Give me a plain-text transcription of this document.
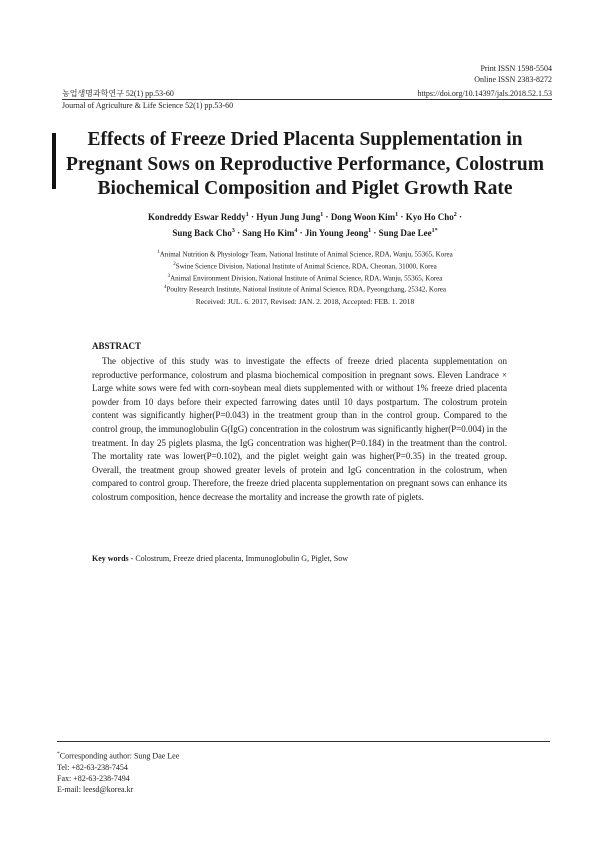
Print ISSN 1598-5504
Online ISSN 2383-8272
농업생명과학연구 52(1) pp.53-60	https://doi.org/10.14397/jals.2018.52.1.53
Journal of Agriculture & Life Science 52(1) pp.53-60
Effects of Freeze Dried Placenta Supplementation in
Pregnant Sows on Reproductive Performance, Colostrum
Biochemical Composition and Piglet Growth Rate
Kondreddy Eswar Reddy$^1$ · Hyun Jung Jung$^1$ · Dong Woon Kim$^1$ · Kyo Ho Cho$^2$ ·
Sung Back Cho$^3$ · Sang Ho Kim$^4$ · Jin Young Jeong$^1$ · Sung Dae Lee$^{1*}$
$^1$Animal Nutrition & Physiology Team, National Institute of Animal Science, RDA, Wanju, 55365, Korea
$^2$Swine Science Division, National Institute of Animal Science, RDA, Cheonan, 31000, Korea
$^3$Animal Environment Division, National Institute of Animal Science, RDA, Wanju, 55365, Korea
$^4$Poultry Research Institute, National Institute of Animal Science, RDA, Pyeongchang, 25342, Korea
Received: JUL. 6. 2017, Revised: JAN. 2. 2018, Accepted: FEB. 1. 2018
ABSTRACT

The objective of this study was to investigate the effects of freeze dried placenta supplementation on reproductive performance, colostrum and plasma biochemical composition in pregnant sows. Eleven Landrace × Large white sows were fed with corn-soybean meal diets supplemented with or without 1% freeze dried placenta powder from 10 days before their expected farrowing dates until 10 days postpartum. The colostrum protein content was significantly higher(P=0.043) in the treatment group than in the control group. Compared to the control group, the immunoglobulin G(IgG) concentration in the colostrum was significantly higher(P=0.004) in the treatment. In day 25 piglets plasma, the IgG concentration was higher(P=0.184) in the treatment than the control. The mortality rate was lower(P=0.102), and the piglet weight gain was higher(P=0.35) in the treated group. Overall, the treatment group showed greater levels of protein and IgG concentration in the colostrum, when compared to control group. Therefore, the freeze dried placenta supplementation on pregnant sows can enhance its colostrum composition, hence decrease the mortality and increase the growth rate of piglets.

Key words - Colostrum, Freeze dried placenta, Immunoglobulin G, Piglet, Sow
*Corresponding author: Sung Dae Lee
Tel: +82-63-238-7454
Fax: +82-63-238-7494
E-mail: leesd@korea.kr
